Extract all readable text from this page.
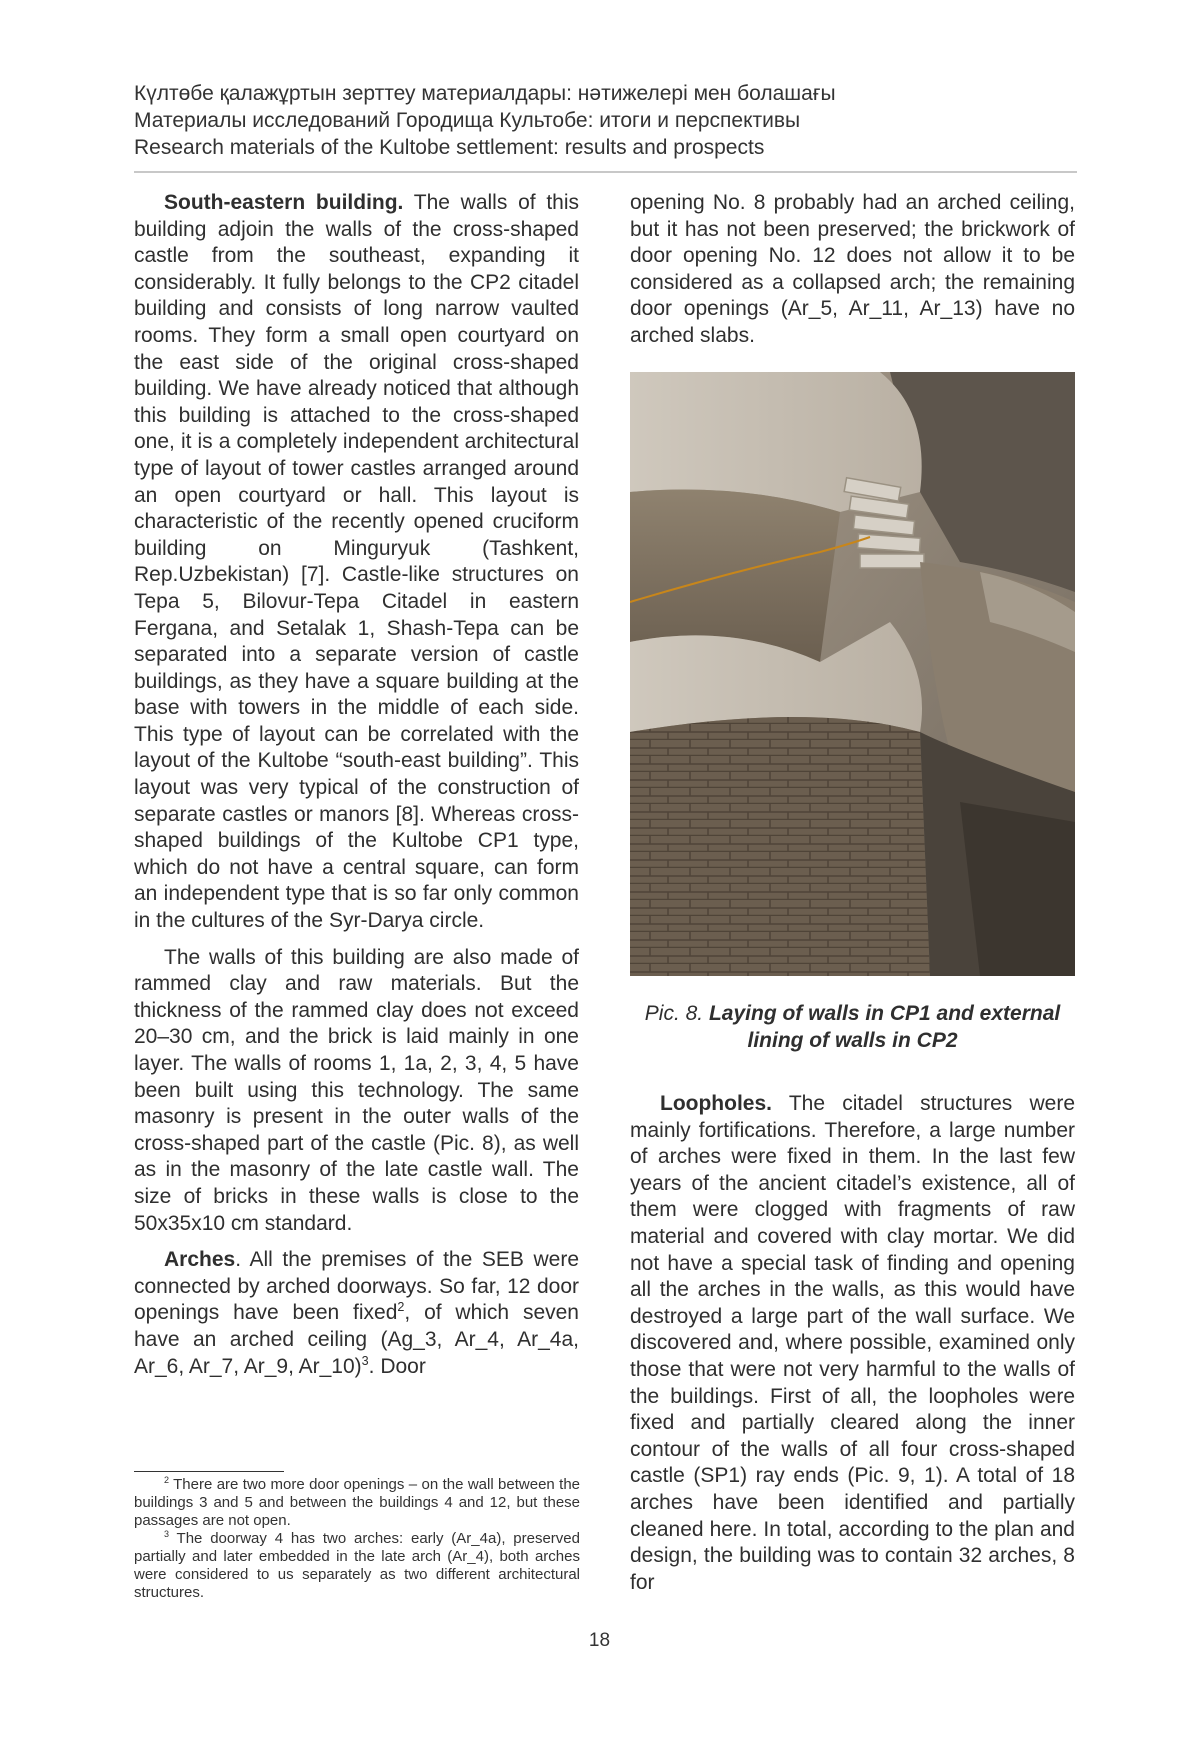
Күлтөбе қалажұртын зерттеу материалдары: нәтижелері мен болашағы
Материалы исследований Городища Культобе: итоги и перспективы
Research materials of the Kultobe settlement: results and prospects

South-eastern building. The walls of this building adjoin the walls of the cross-shaped castle from the southeast, expanding it considerably. It fully belongs to the CP2 citadel building and consists of long narrow vaulted rooms. They form a small open courtyard on the east side of the original cross-shaped building. We have already noticed that although this building is attached to the cross-shaped one, it is a completely independent architectural type of layout of tower castles arranged around an open courtyard or hall. This layout is characteristic of the recently opened cruciform building on Minguryuk (Tashkent, Rep.Uzbekistan) [7]. Castle-like structures on Tepa 5, Bilovur-Tepa Citadel in eastern Fergana, and Setalak 1, Shash-Tepa can be separated into a separate version of castle buildings, as they have a square building at the base with towers in the middle of each side. This type of layout can be correlated with the layout of the Kultobe “south-east building”. This layout was very typical of the construction of separate castles or manors [8]. Whereas cross-shaped buildings of the Kultobe CP1 type, which do not have a central square, can form an independent type that is so far only common in the cultures of the Syr-Darya circle.

The walls of this building are also made of rammed clay and raw materials. But the thickness of the rammed clay does not exceed 20–30 cm, and the brick is laid mainly in one layer. The walls of rooms 1, 1a, 2, 3, 4, 5 have been built using this technology. The same masonry is present in the outer walls of the cross-shaped part of the castle (Pic. 8), as well as in the masonry of the late castle wall. The size of bricks in these walls is close to the 50x35x10 cm standard.

Arches. All the premises of the SEB were connected by arched doorways. So far, 12 door openings have been fixed$^2$, of which seven have an arched ceiling (Ag_3, Ar_4, Ar_4a, Ar_6, Ar_7, Ar_9, Ar_10)$^3$. Door

opening No. 8 probably had an arched ceiling, but it has not been preserved; the brickwork of door opening No. 12 does not allow it to be considered as a collapsed arch; the remaining door openings (Ar_5, Ar_11, Ar_13) have no arched slabs.

Pic. 8. Laying of walls in CP1 and external lining of walls in CP2

Loopholes. The citadel structures were mainly fortifications. Therefore, a large number of arches were fixed in them. In the last few years of the ancient citadel’s existence, all of them were clogged with fragments of raw material and covered with clay mortar. We did not have a special task of finding and opening all the arches in the walls, as this would have destroyed a large part of the wall surface. We discovered and, where possible, examined only those that were not very harmful to the walls of the buildings. First of all, the loopholes were fixed and partially cleared along the inner contour of the walls of all four cross-shaped castle (SP1) ray ends (Pic. 9, 1). A total of 18 arches have been identified and partially cleaned here. In total, according to the plan and design, the building was to contain 32 arches, 8 for

$^2$ There are two more door openings – on the wall between the buildings 3 and 5 and between the buildings 4 and 12, but these passages are not open.

$^3$ The doorway 4 has two arches: early (Ar_4a), preserved partially and later embedded in the late arch (Ar_4), both arches were considered to us separately as two different architectural structures.

18
